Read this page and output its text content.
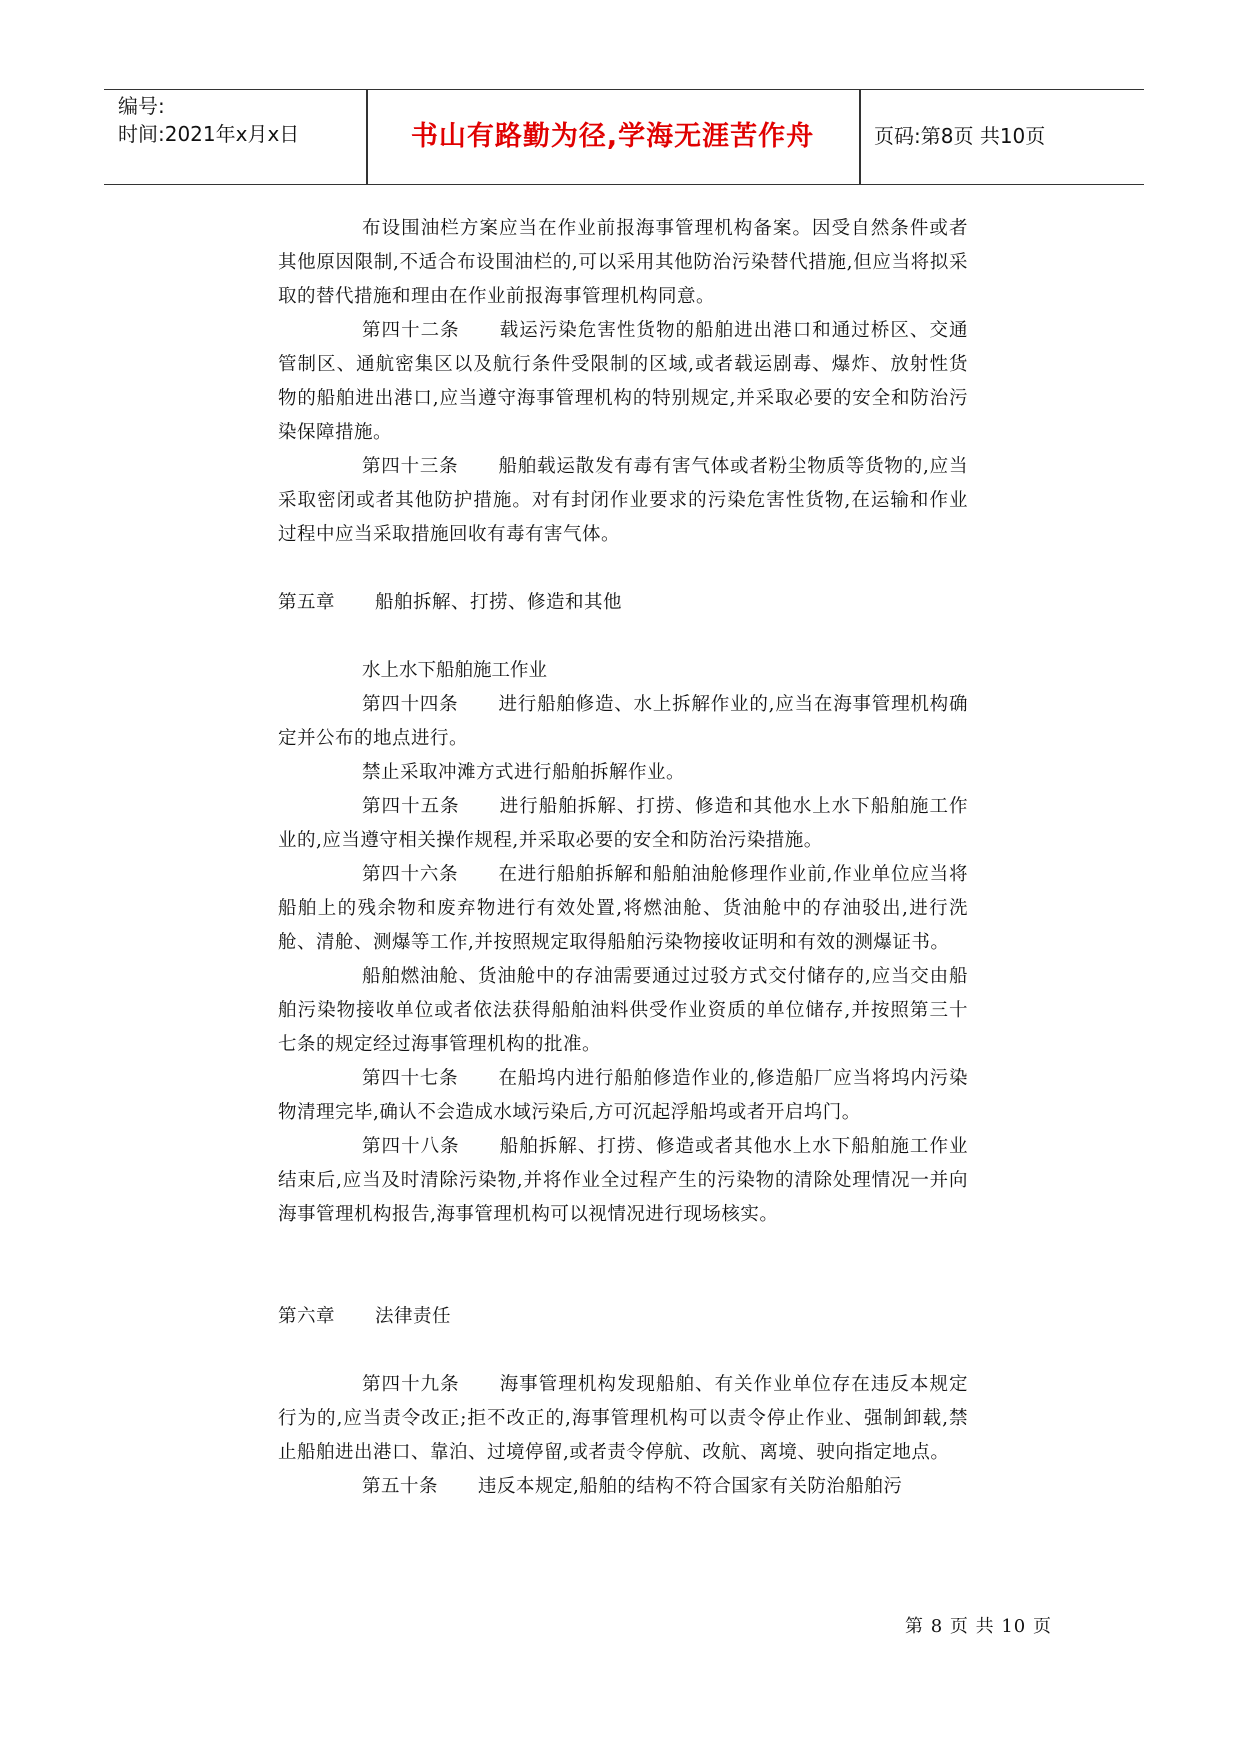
编号:
时间:2021年x月x日	书山有路勤为径,学海无涯苦作舟	页码:第8页 共10页

布设围油栏方案应当在作业前报海事管理机构备案。因受自然条件或者其他原因限制,不适合布设围油栏的,可以采用其他防治污染替代措施,但应当将拟采取的替代措施和理由在作业前报海事管理机构同意。

第四十二条 载运污染危害性货物的船舶进出港口和通过桥区、交通管制区、通航密集区以及航行条件受限制的区域,或者载运剧毒、爆炸、放射性货物的船舶进出港口,应当遵守海事管理机构的特别规定,并采取必要的安全和防治污染保障措施。

第四十三条 船舶载运散发有毒有害气体或者粉尘物质等货物的,应当采取密闭或者其他防护措施。对有封闭作业要求的污染危害性货物,在运输和作业过程中应当采取措施回收有毒有害气体。

第五章 船舶拆解、打捞、修造和其他

水上水下船舶施工作业

第四十四条 进行船舶修造、水上拆解作业的,应当在海事管理机构确定并公布的地点进行。

禁止采取冲滩方式进行船舶拆解作业。

第四十五条 进行船舶拆解、打捞、修造和其他水上水下船舶施工作业的,应当遵守相关操作规程,并采取必要的安全和防治污染措施。

第四十六条 在进行船舶拆解和船舶油舱修理作业前,作业单位应当将船舶上的残余物和废弃物进行有效处置,将燃油舱、货油舱中的存油驳出,进行洗舱、清舱、测爆等工作,并按照规定取得船舶污染物接收证明和有效的测爆证书。

船舶燃油舱、货油舱中的存油需要通过过驳方式交付储存的,应当交由船舶污染物接收单位或者依法获得船舶油料供受作业资质的单位储存,并按照第三十七条的规定经过海事管理机构的批准。

第四十七条 在船坞内进行船舶修造作业的,修造船厂应当将坞内污染物清理完毕,确认不会造成水域污染后,方可沉起浮船坞或者开启坞门。

第四十八条 船舶拆解、打捞、修造或者其他水上水下船舶施工作业结束后,应当及时清除污染物,并将作业全过程产生的污染物的清除处理情况一并向海事管理机构报告,海事管理机构可以视情况进行现场核实。

第六章 法律责任

第四十九条 海事管理机构发现船舶、有关作业单位存在违反本规定行为的,应当责令改正;拒不改正的,海事管理机构可以责令停止作业、强制卸载,禁止船舶进出港口、靠泊、过境停留,或者责令停航、改航、离境、驶向指定地点。

第五十条 违反本规定,船舶的结构不符合国家有关防治船舶污

第 8 页 共 10 页
